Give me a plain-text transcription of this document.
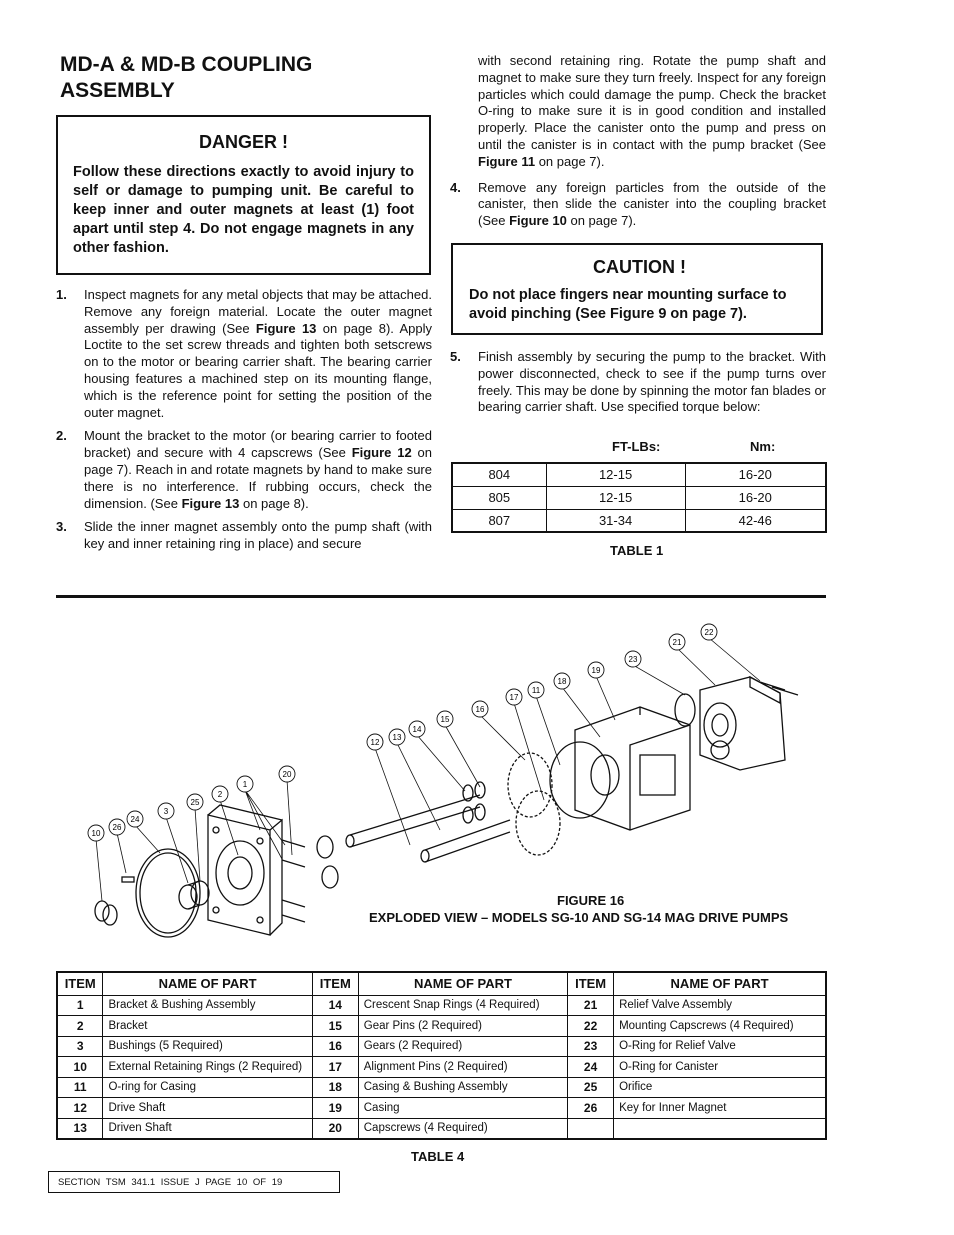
MD-A & MD-B COUPLING ASSEMBLY
DANGER !
Follow these directions exactly to avoid injury to self or damage to pumping unit. Be careful to keep inner and outer magnets at least (1) foot apart until step 4. Do not engage magnets in any other fashion.
1.	Inspect magnets for any metal objects that may be attached. Remove any foreign material. Locate the outer magnet assembly per drawing (See Figure 13 on page 8). Apply Loctite to the set screw threads and tighten both setscrews on to the motor or bearing carrier shaft. The bearing carrier housing features a machined step on its mounting flange, which is the reference point for setting the position of the outer magnet.
2.	Mount the bracket to the motor (or bearing carrier to footed bracket) and secure with 4 capscrews (See Figure 12 on page 7). Reach in and rotate magnets by hand to make sure there is no interference. If rubbing occurs, check the dimension. (See Figure 13 on page 8).
3.	Slide the inner magnet assembly onto the pump shaft (with key and inner retaining ring in place) and secure
with second retaining ring. Rotate the pump shaft and magnet to make sure they turn freely. Inspect for any foreign particles which could damage the pump. Check the bracket O-ring to make sure it is in good condition and installed properly. Place the canister onto the pump and press on until the canister is in contact with the pump bracket (See Figure 11 on page 7).
4.	Remove any foreign particles from the outside of the canister, then slide the canister into the coupling bracket (See Figure 10 on page 7).
CAUTION !
Do not place fingers near mounting surface to avoid pinching (See Figure 9 on page 7).
5.	Finish assembly by securing the pump to the bracket. With power disconnected, check to see if the pump turns over freely. This may be done by spinning the motor fan blades or bearing carrier shaft. Use specified torque below:
FT-LBs:	Nm:
804	12-15	16-20
805	12-15	16-20
807	31-34	42-46
TABLE 1
10
26
24
3
25
2
1
20
12
13
14
15
16
17
11
18
19
23
21
22
FIGURE 16
EXPLODED VIEW – MODELS SG-10 AND SG-14 MAG DRIVE PUMPS
ITEM	NAME OF PART	ITEM	NAME OF PART	ITEM	NAME OF PART
1	Bracket & Bushing Assembly	14	Crescent Snap Rings (4 Required)	21	Relief Valve Assembly
2	Bracket	15	Gear Pins (2 Required)	22	Mounting Capscrews (4 Required)
3	Bushings (5 Required)	16	Gears (2 Required)	23	O-Ring for Relief Valve
10	External Retaining Rings (2 Required)	17	Alignment Pins (2 Required)	24	O-Ring for Canister
11	O-ring for Casing	18	Casing & Bushing Assembly	25	Orifice
12	Drive Shaft	19	Casing	26	Key for Inner Magnet
13	Driven Shaft	20	Capscrews (4 Required)		
TABLE 4
SECTION TSM 341.1 ISSUE J PAGE 10 OF 19
